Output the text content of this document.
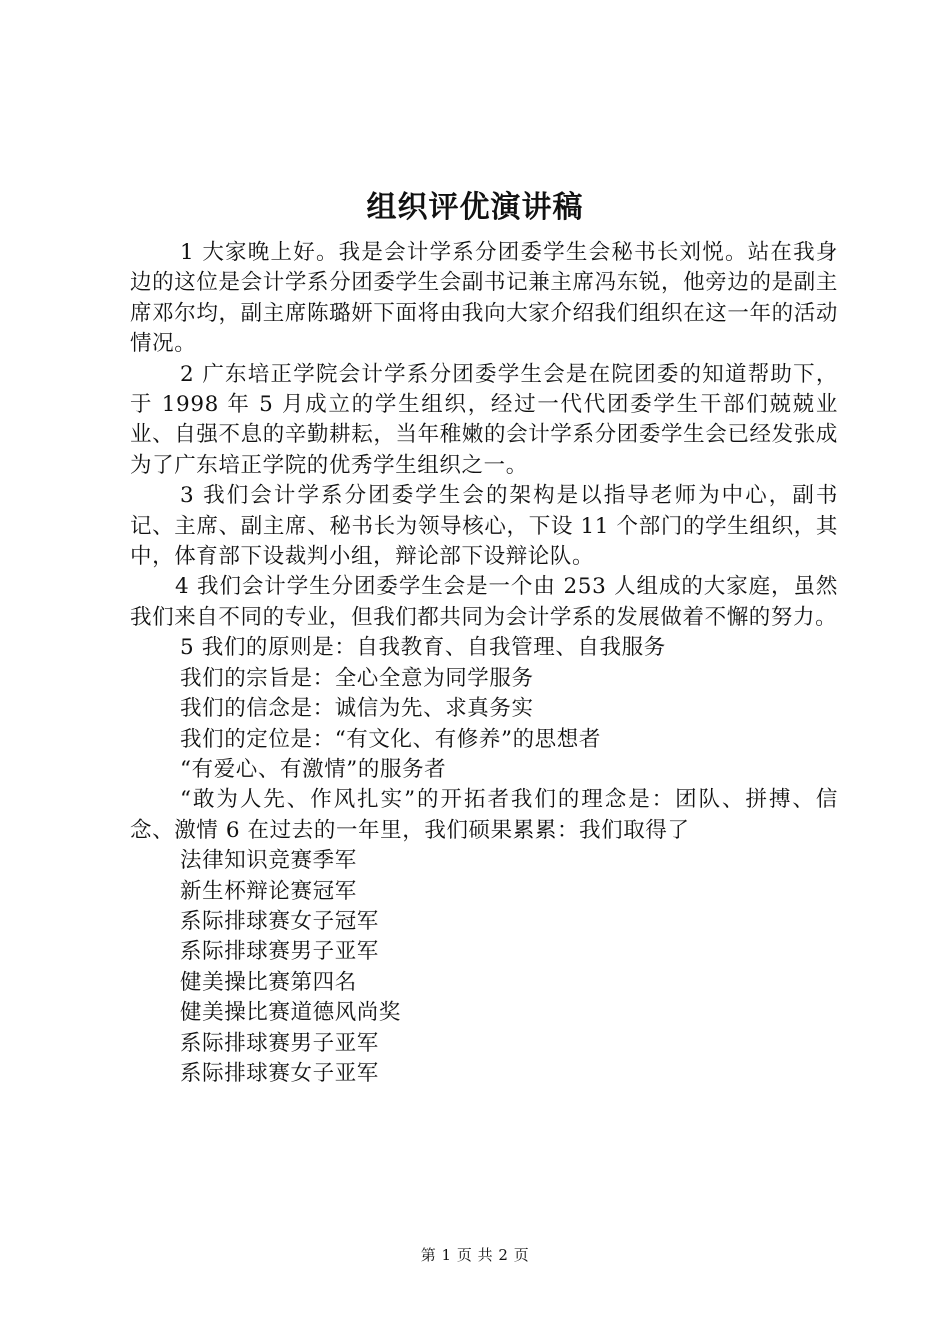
组织评优演讲稿

1 大家晚上好。我是会计学系分团委学生会秘书长刘悦。站在我身边的这位是会计学系分团委学生会副书记兼主席冯东锐，他旁边的是副主席邓尔均，副主席陈璐妍下面将由我向大家介绍我们组织在这一年的活动情况。

2 广东培正学院会计学系分团委学生会是在院团委的知道帮助下，于 1998 年 5 月成立的学生组织，经过一代代团委学生干部们兢兢业业、自强不息的辛勤耕耘，当年稚嫩的会计学系分团委学生会已经发张成为了广东培正学院的优秀学生组织之一。

3 我们会计学系分团委学生会的架构是以指导老师为中心，副书记、主席、副主席、秘书长为领导核心，下设 11 个部门的学生组织，其中，体育部下设裁判小组，辩论部下设辩论队。

4 我们会计学生分团委学生会是一个由 253 人组成的大家庭，虽然我们来自不同的专业，但我们都共同为会计学系的发展做着不懈的努力。

5 我们的原则是：自我教育、自我管理、自我服务

我们的宗旨是：全心全意为同学服务

我们的信念是：诚信为先、求真务实

我们的定位是：“有文化、有修养”的思想者

“有爱心、有激情”的服务者

“敢为人先、作风扎实”的开拓者我们的理念是：团队、拼搏、信念、激情 6 在过去的一年里，我们硕果累累：我们取得了

法律知识竞赛季军

新生杯辩论赛冠军

系际排球赛女子冠军

系际排球赛男子亚军

健美操比赛第四名

健美操比赛道德风尚奖

系际排球赛男子亚军

系际排球赛女子亚军

第 1 页 共 2 页
